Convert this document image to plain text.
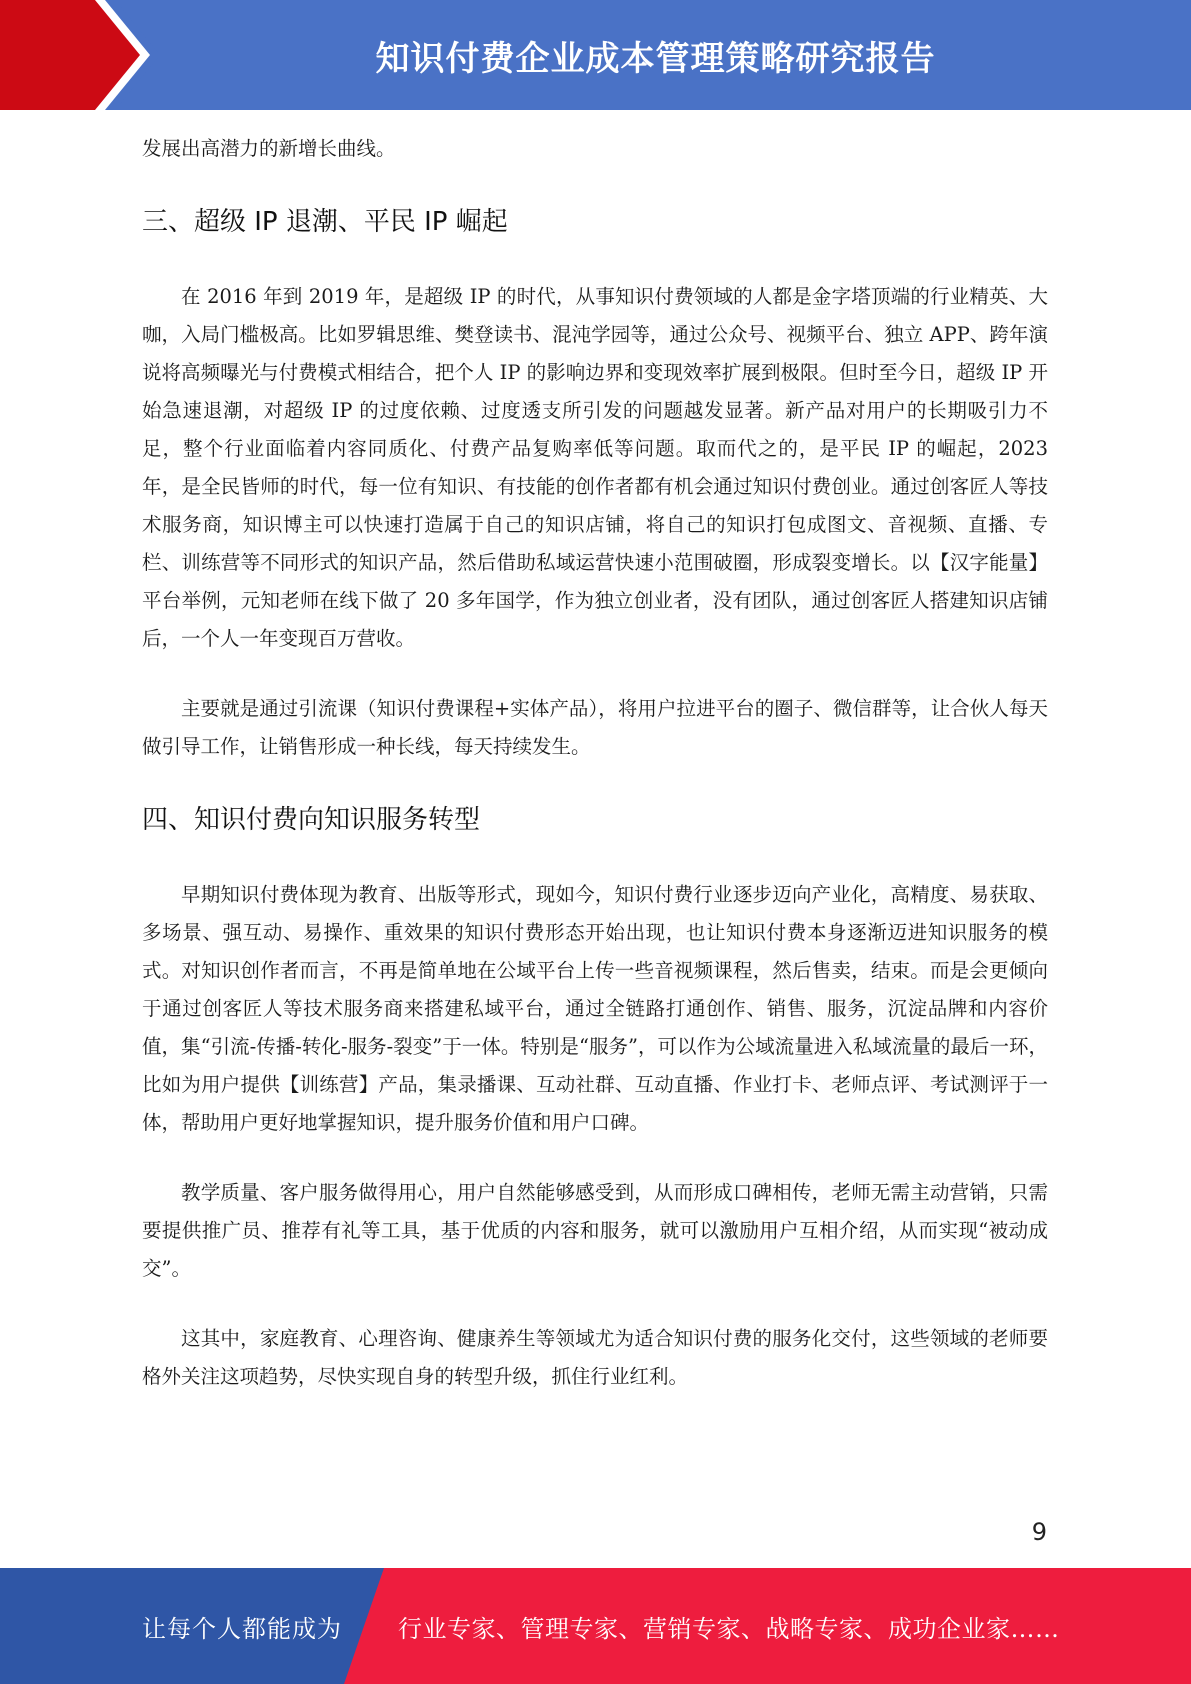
知识付费企业成本管理策略研究报告

发展出高潜力的新增长曲线。

三、超级 IP 退潮、平民 IP 崛起

在 2016 年到 2019 年，是超级 IP 的时代，从事知识付费领域的人都是金字塔顶端的行业精英、大咖，入局门槛极高。比如罗辑思维、樊登读书、混沌学园等，通过公众号、视频平台、独立 APP、跨年演说将高频曝光与付费模式相结合，把个人 IP 的影响边界和变现效率扩展到极限。但时至今日，超级 IP 开始急速退潮，对超级 IP 的过度依赖、过度透支所引发的问题越发显著。新产品对用户的长期吸引力不足，整个行业面临着内容同质化、付费产品复购率低等问题。取而代之的，是平民 IP 的崛起，2023 年，是全民皆师的时代，每一位有知识、有技能的创作者都有机会通过知识付费创业。通过创客匠人等技术服务商，知识博主可以快速打造属于自己的知识店铺，将自己的知识打包成图文、音视频、直播、专栏、训练营等不同形式的知识产品，然后借助私域运营快速小范围破圈，形成裂变增长。以【汉字能量】平台举例，元知老师在线下做了 20 多年国学，作为独立创业者，没有团队，通过创客匠人搭建知识店铺后，一个人一年变现百万营收。

主要就是通过引流课（知识付费课程+实体产品），将用户拉进平台的圈子、微信群等，让合伙人每天做引导工作，让销售形成一种长线，每天持续发生。

四、知识付费向知识服务转型

早期知识付费体现为教育、出版等形式，现如今，知识付费行业逐步迈向产业化，高精度、易获取、多场景、强互动、易操作、重效果的知识付费形态开始出现，也让知识付费本身逐渐迈进知识服务的模式。对知识创作者而言，不再是简单地在公域平台上传一些音视频课程，然后售卖，结束。而是会更倾向于通过创客匠人等技术服务商来搭建私域平台，通过全链路打通创作、销售、服务，沉淀品牌和内容价值，集“引流-传播-转化-服务-裂变”于一体。特别是“服务”，可以作为公域流量进入私域流量的最后一环，比如为用户提供【训练营】产品，集录播课、互动社群、互动直播、作业打卡、老师点评、考试测评于一体，帮助用户更好地掌握知识，提升服务价值和用户口碑。

教学质量、客户服务做得用心，用户自然能够感受到，从而形成口碑相传，老师无需主动营销，只需要提供推广员、推荐有礼等工具，基于优质的内容和服务，就可以激励用户互相介绍，从而实现“被动成交”。

这其中，家庭教育、心理咨询、健康养生等领域尤为适合知识付费的服务化交付，这些领域的老师要格外关注这项趋势，尽快实现自身的转型升级，抓住行业红利。

9
让每个人都能成为 行业专家、管理专家、营销专家、战略专家、成功企业家……
